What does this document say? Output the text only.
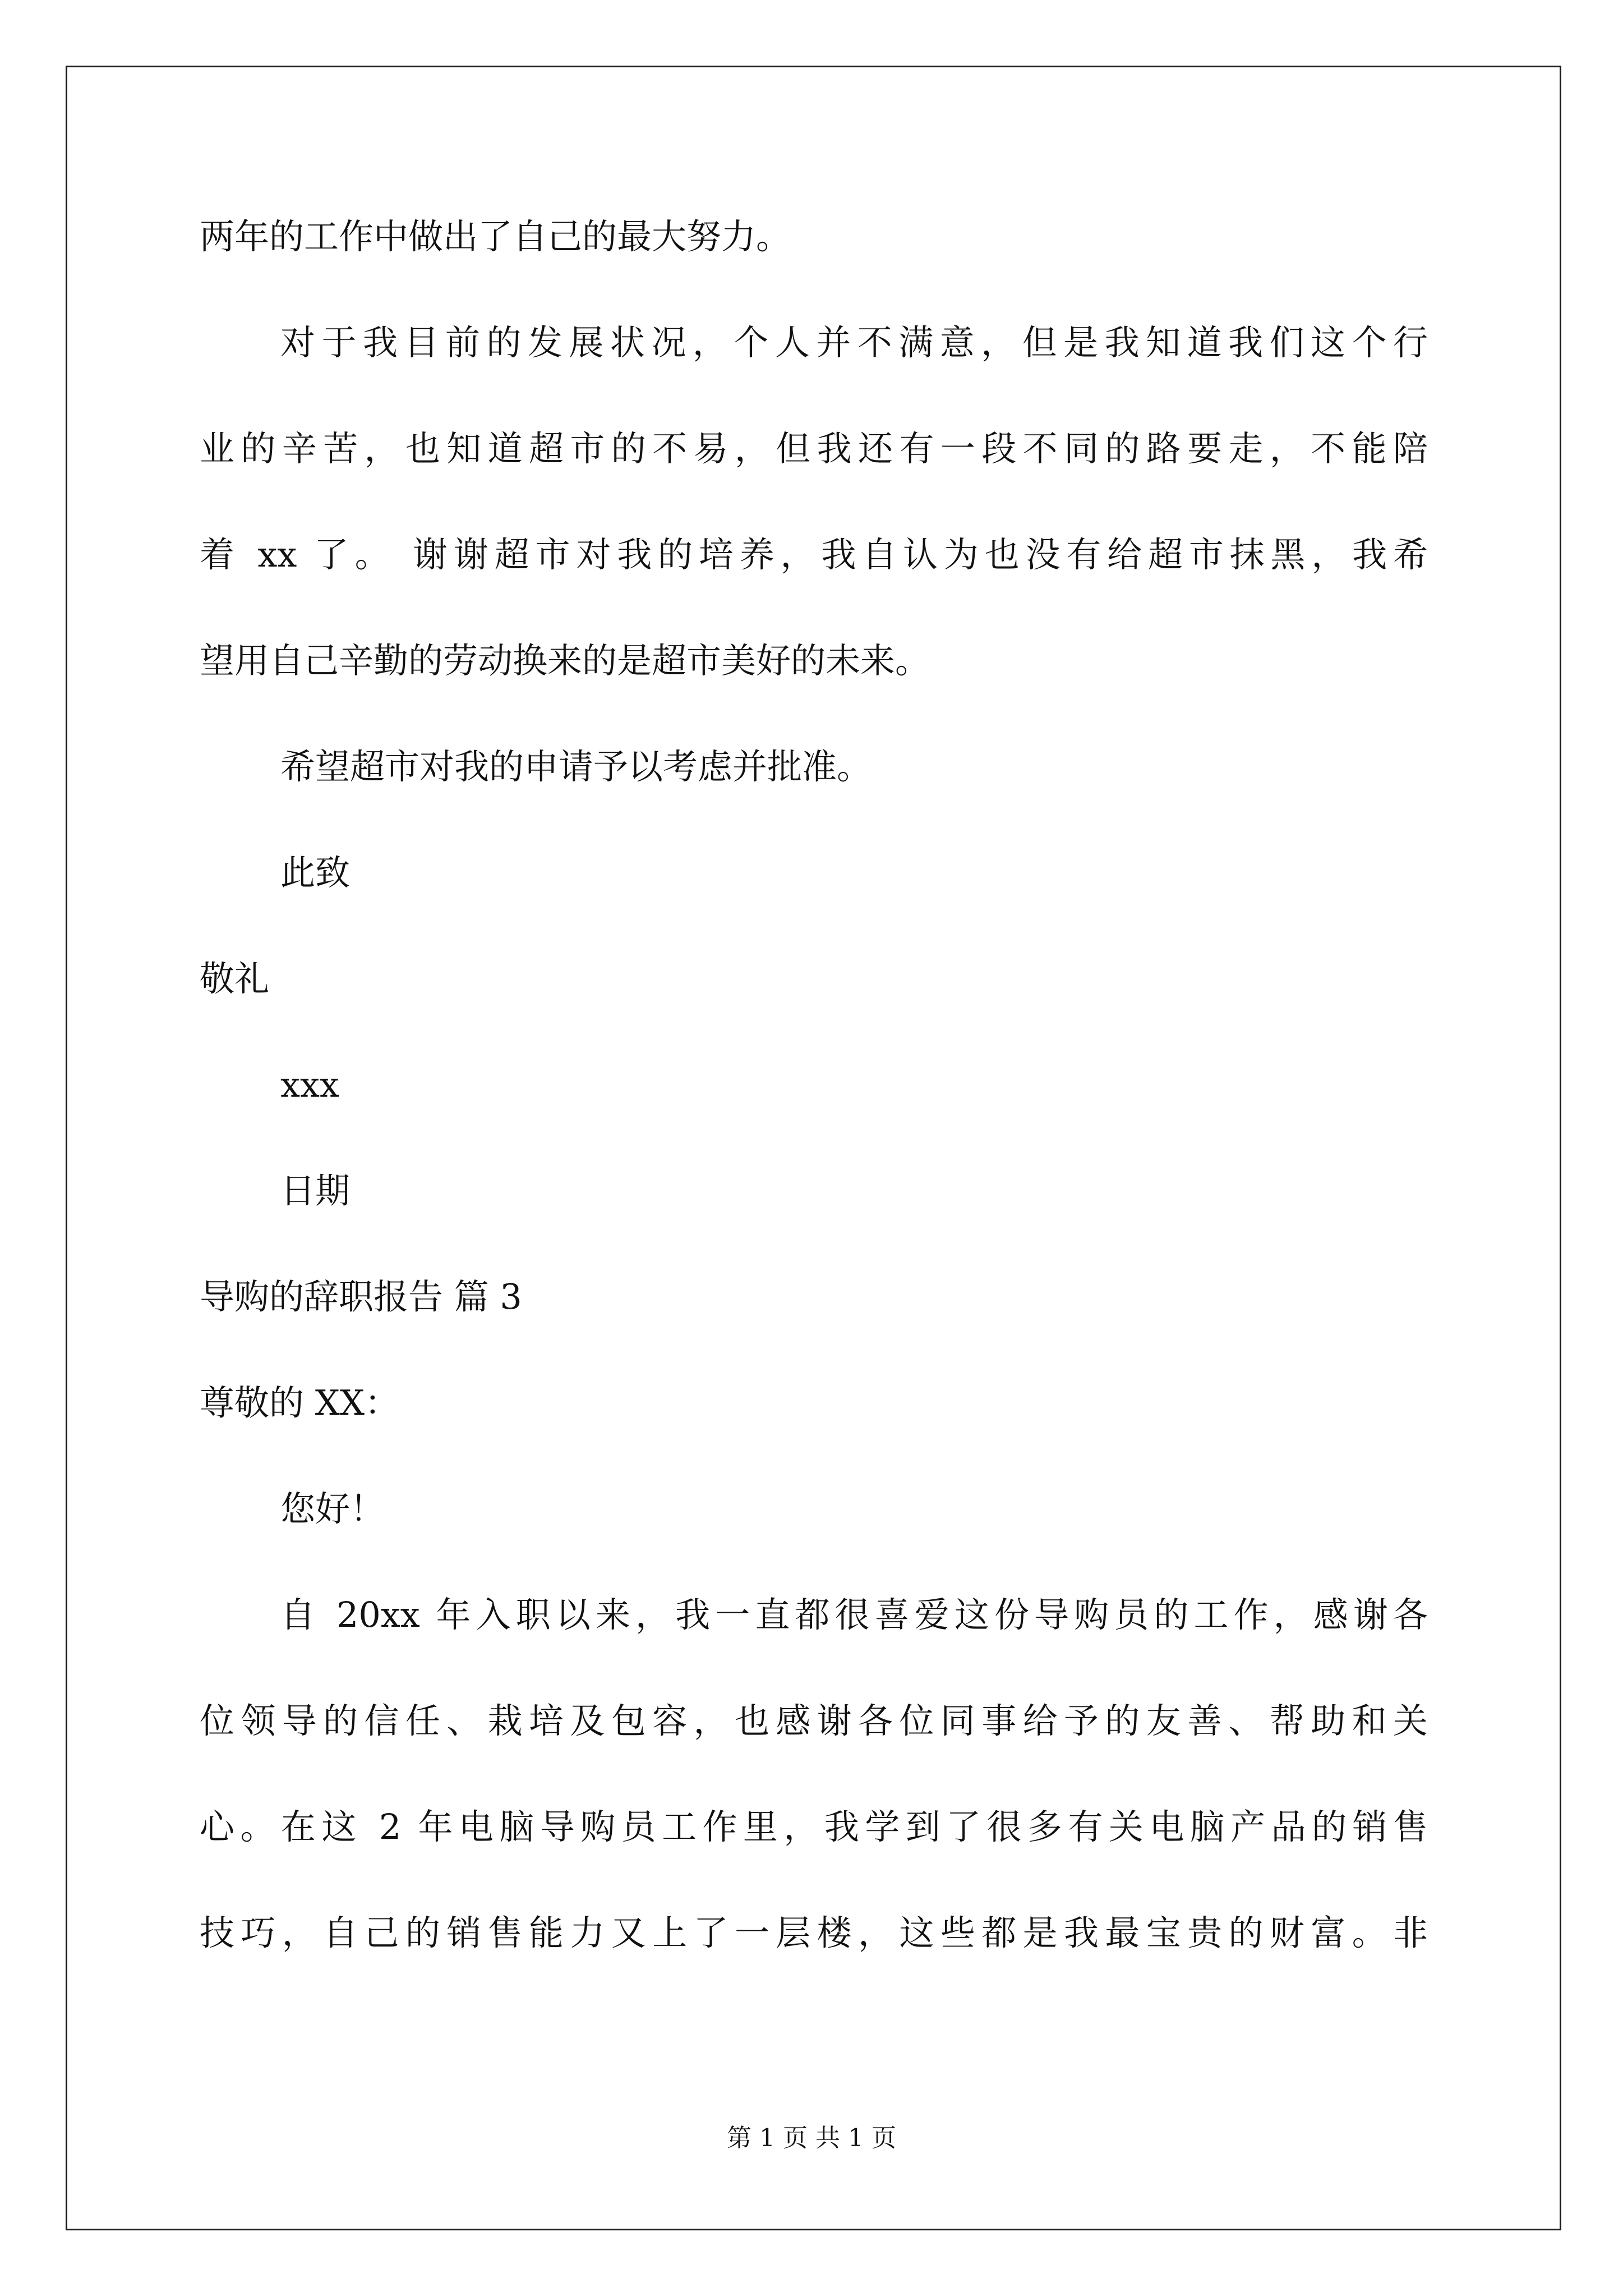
两年的工作中做出了自己的最大努力。
对于我目前的发展状况，个人并不满意，但是我知道我们这个行
业的辛苦，也知道超市的不易，但我还有一段不同的路要走，不能陪
着 xx 了。 谢谢超市对我的培养，我自认为也没有给超市抹黑，我希
望用自己辛勤的劳动换来的是超市美好的未来。
希望超市对我的申请予以考虑并批准。
此致
敬礼
xxx
日期
导购的辞职报告 篇 3
尊敬的 XX：
您好！
自 20xx 年入职以来，我一直都很喜爱这份导购员的工作，感谢各
位领导的信任、栽培及包容，也感谢各位同事给予的友善、帮助和关
心。在这 2 年电脑导购员工作里，我学到了很多有关电脑产品的销售
技巧，自己的销售能力又上了一层楼，这些都是我最宝贵的财富。非
第 1 页 共 1 页
